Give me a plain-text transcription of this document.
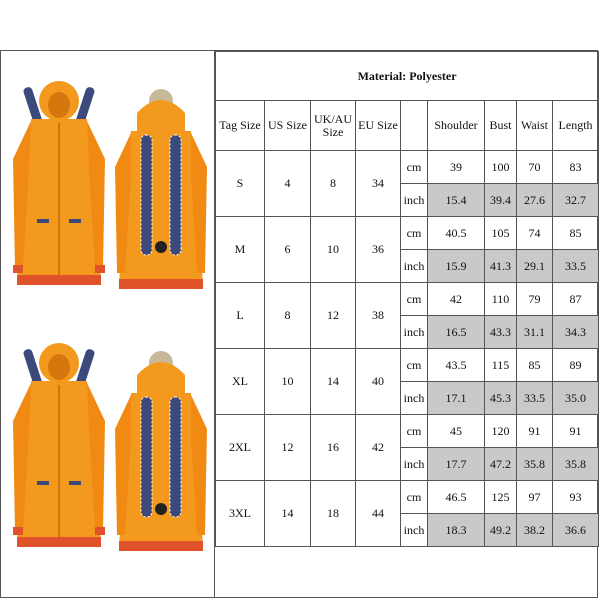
Material: Polyester								
Tag Size	US Size	UK/AU Size	EU Size		Shoulder	Bust	Waist	Length
S	4	8	34	cm	39	100	70	83
				inch	15.4	39.4	27.6	32.7
M	6	10	36	cm	40.5	105	74	85
				inch	15.9	41.3	29.1	33.5
L	8	12	38	cm	42	110	79	87
				inch	16.5	43.3	31.1	34.3
XL	10	14	40	cm	43.5	115	85	89
				inch	17.1	45.3	33.5	35.0
2XL	12	16	42	cm	45	120	91	91
				inch	17.7	47.2	35.8	35.8
3XL	14	18	44	cm	46.5	125	97	93
				inch	18.3	49.2	38.2	36.6
